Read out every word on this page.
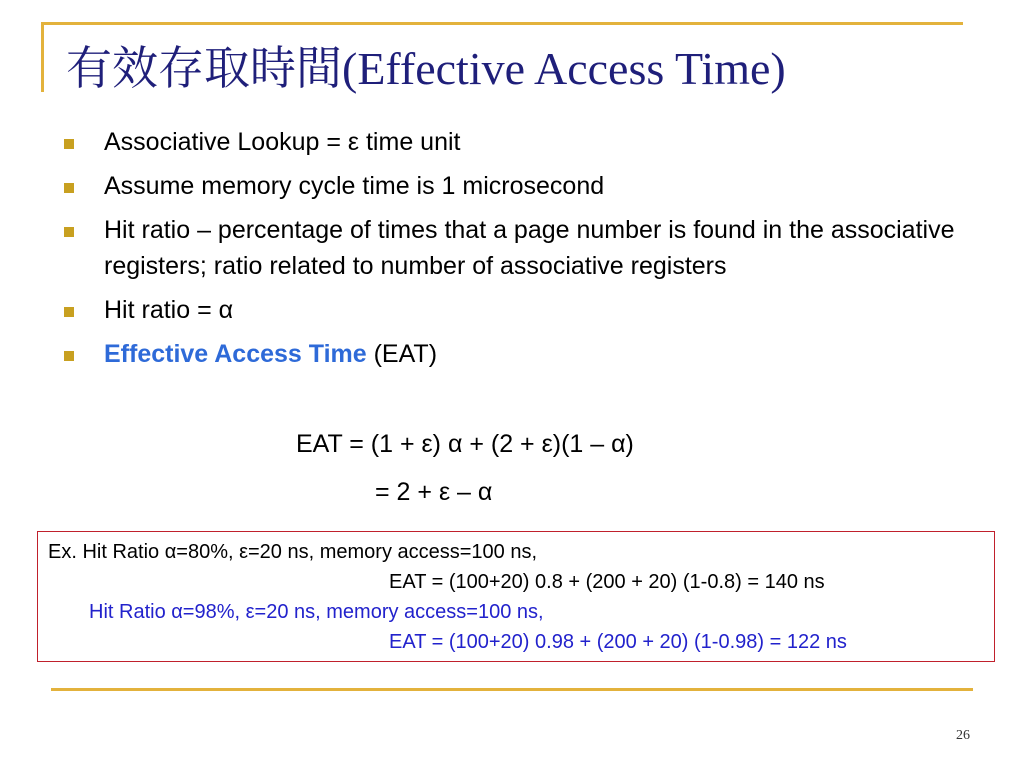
有效存取時間(Effective Access Time)
Associative Lookup = ε time unit
Assume memory cycle time is 1 microsecond
Hit ratio – percentage of times that a page number is found in the associative registers; ratio related to number of associative registers
Hit ratio = α
Effective Access Time (EAT)
EAT = (1 + ε) α + (2 + ε)(1 – α)
= 2 + ε – α
Ex. Hit Ratio α=80%, ε=20 ns, memory access=100 ns,
EAT = (100+20) 0.8 + (200 + 20) (1-0.8) = 140 ns
Hit Ratio α=98%, ε=20 ns, memory access=100 ns,
EAT = (100+20) 0.98 + (200 + 20) (1-0.98) = 122 ns
26
